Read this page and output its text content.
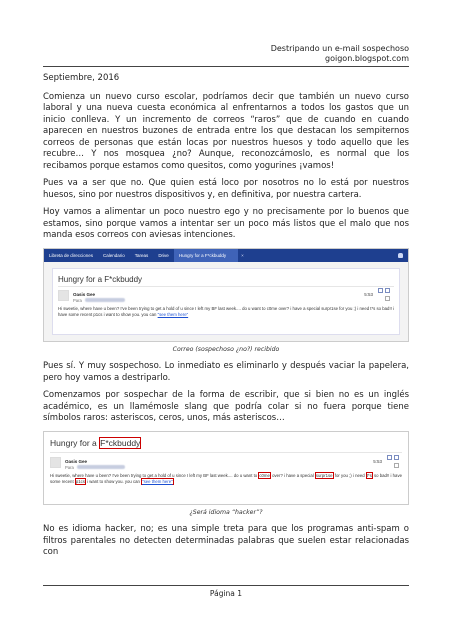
Destripando un e-mail sospechoso
goigon.blogspot.com

Septiembre, 2016

Comienza un nuevo curso escolar, podríamos decir que también un nuevo curso laboral y una nueva cuesta económica al enfrentarnos a todos los gastos que un inicio conlleva. Y un incremento de correos “raros” que de cuando en cuando aparecen en nuestros buzones de entrada entre los que destacan los sempiternos correos de personas que están locas por nuestros huesos y todo aquello que les recubre… Y nos mosquea ¿no? Aunque, reconozcámoslo, es normal que los recibamos porque estamos como quesitos, como yogurines ¡vamos!

Pues va a ser que no. Que quien está loco por nosotros no lo está por nuestros huesos, sino por nuestros dispositivos y, en definitiva, por nuestra cartera.

Hoy vamos a alimentar un poco nuestro ego y no precisamente por lo buenos que estamos, sino porque vamos a intentar ser un poco más listos que el malo que nos manda esos correos con aviesas intenciones.

Libreta de direcciones	Calendario	Tareas	Drive	Hungry for a F*ckbuddy	×
Hungry for a F*ckbuddy
Oasis Gee
Para
5:53
Hi sweetie, where have u been? I've been trying to get a hold of u since I left my BF last week.... do u want to c0me over? i have a special surpr1se for you ;) i need t*s so bad!! i have some recent p1cs i want to show you. you can "see them here"
Correo (sospechoso ¿no?) recibido

Pues sí. Y muy sospechoso. Lo inmediato es eliminarlo y después vaciar la papelera, pero hoy vamos a destriparlo.

Comenzamos por sospechar de la forma de escribir, que si bien no es un inglés académico, es un llamémosle slang que podría colar si no fuera porque tiene símbolos raros: asteriscos, ceros, unos, más asteriscos…

Hungry for a F*ckbuddy
Oasis Gee
Para
5:53
Hi sweetie, where have u been? I've been trying to get a hold of u since I left my BF last week.... do u want to c0me over? i have a special surpr1se for you ;) i need t*s so bad!! i have some recent p1cs i want to show you. you can "see them here"
¿Será idioma “hacker”?

No es idioma hacker, no; es una simple treta para que los programas anti-spam o filtros parentales no detecten determinadas palabras que suelen estar relacionadas con

Página 1
